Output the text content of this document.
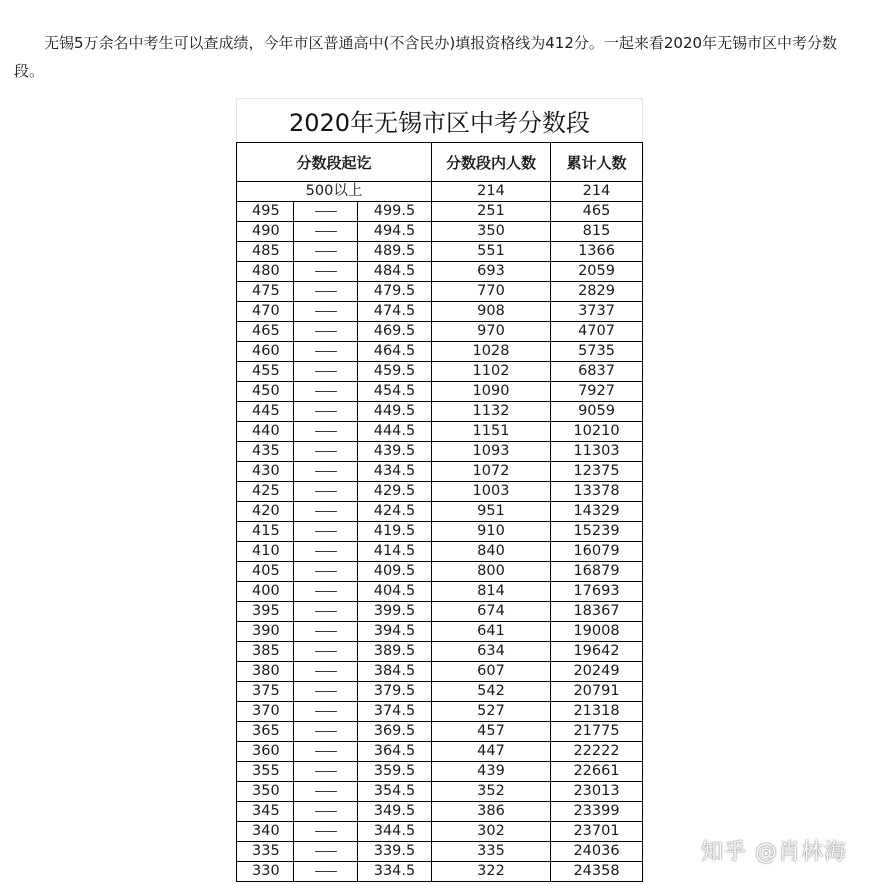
无锡5万余名中考生可以查成绩，今年市区普通高中(不含民办)填报资格线为412分。一起来看2020年无锡市区中考分数段。

2020年无锡市区中考分数段				
分数段起讫			分数段内人数	累计人数
500以上			214	214
495	——	499.5	251	465
490	——	494.5	350	815
485	——	489.5	551	1366
480	——	484.5	693	2059
475	——	479.5	770	2829
470	——	474.5	908	3737
465	——	469.5	970	4707
460	——	464.5	1028	5735
455	——	459.5	1102	6837
450	——	454.5	1090	7927
445	——	449.5	1132	9059
440	——	444.5	1151	10210
435	——	439.5	1093	11303
430	——	434.5	1072	12375
425	——	429.5	1003	13378
420	——	424.5	951	14329
415	——	419.5	910	15239
410	——	414.5	840	16079
405	——	409.5	800	16879
400	——	404.5	814	17693
395	——	399.5	674	18367
390	——	394.5	641	19008
385	——	389.5	634	19642
380	——	384.5	607	20249
375	——	379.5	542	20791
370	——	374.5	527	21318
365	——	369.5	457	21775
360	——	364.5	447	22222
355	——	359.5	439	22661
350	——	354.5	352	23013
345	——	349.5	386	23399
340	——	344.5	302	23701
335	——	339.5	335	24036
330	——	334.5	322	24358
知乎 @肖林海
